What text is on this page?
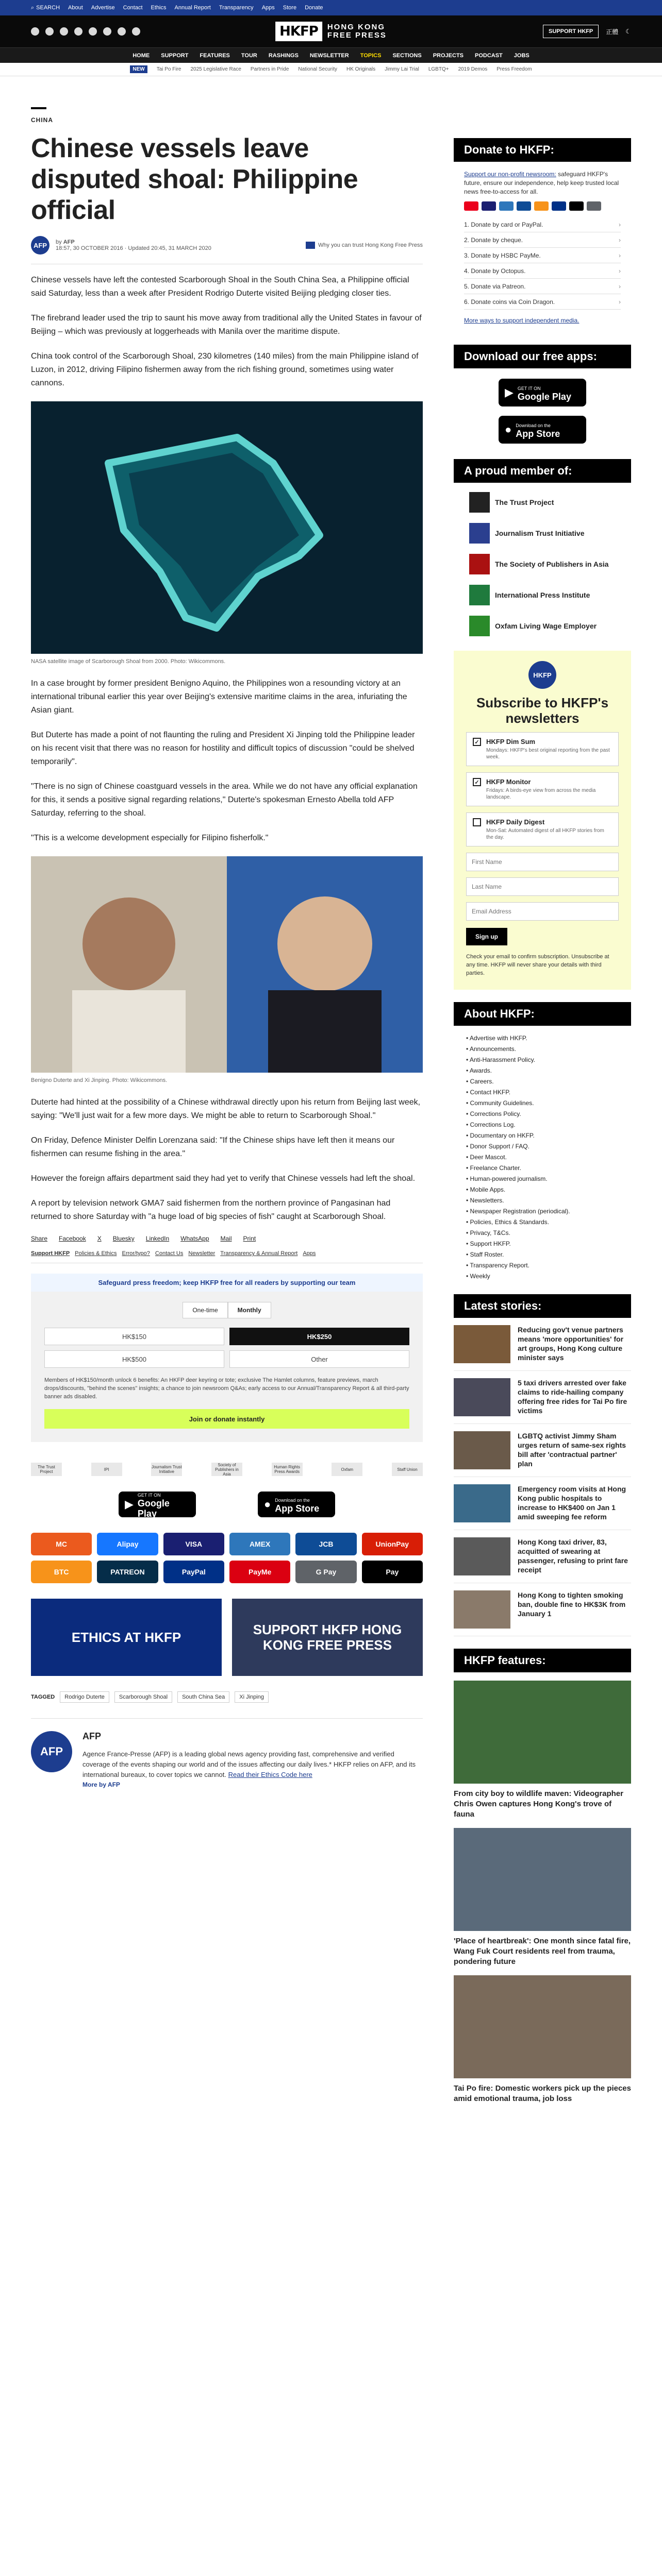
⌕ SEARCH About Advertise Contact Ethics Annual Report Transparency Apps Store Donate
HKFP	HONG KONG
FREE PRESS	SUPPORT HKFP	正體 ☾
HOME SUPPORT FEATURES TOUR RASHINGS NEWSLETTER TOPICS SECTIONS PROJECTS PODCAST JOBS
NEW	Tai Po Fire 2025 Legislative Race Partners in Pride National Security HK Originals Jimmy Lai Trial LGBTQ+ 2019 Demos Press Freedom
CHINA
Chinese vessels leave disputed shoal: Philippine official
AFP	by AFP
18:57, 30 OCTOBER 2016 · Updated 20:45, 31 MARCH 2020	Why you can trust Hong Kong Free Press

Chinese vessels have left the contested Scarborough Shoal in the South China Sea, a Philippine official said Saturday, less than a week after President Rodrigo Duterte visited Beijing pledging closer ties.

The firebrand leader used the trip to saunt his move away from traditional ally the United States in favour of Beijing – which was previously at loggerheads with Manila over the maritime dispute.

China took control of the Scarborough Shoal, 230 kilometres (140 miles) from the main Philippine island of Luzon, in 2012, driving Filipino fishermen away from the rich fishing ground, sometimes using water cannons.

NASA satellite image of Scarborough Shoal from 2000. Photo: Wikicommons.

In a case brought by former president Benigno Aquino, the Philippines won a resounding victory at an international tribunal earlier this year over Beijing's extensive maritime claims in the area, infuriating the Asian giant.

But Duterte has made a point of not flaunting the ruling and President Xi Jinping told the Philippine leader on his recent visit that there was no reason for hostility and difficult topics of discussion "could be shelved temporarily".

"There is no sign of Chinese coastguard vessels in the area. While we do not have any official explanation for this, it sends a positive signal regarding relations," Duterte's spokesman Ernesto Abella told AFP Saturday, referring to the shoal.

"This is a welcome development especially for Filipino fisherfolk."

Benigno Duterte and Xi Jinping. Photo: Wikicommons.

Duterte had hinted at the possibility of a Chinese withdrawal directly upon his return from Beijing last week, saying: "We'll just wait for a few more days. We might be able to return to Scarborough Shoal."

On Friday, Defence Minister Delfin Lorenzana said: "If the Chinese ships have left then it means our fishermen can resume fishing in the area."

However the foreign affairs department said they had yet to verify that Chinese vessels had left the shoal.

A report by television network GMA7 said fishermen from the northern province of Pangasinan had returned to shore Saturday with "a huge load of big species of fish" caught at Scarborough Shoal.

Share Facebook X Bluesky LinkedIn WhatsApp Mail Print
Support HKFP Policies & Ethics Error/typo? Contact Us Newsletter Transparency & Annual Report Apps
Safeguard press freedom; keep HKFP free for all readers by supporting our team
One-time	Monthly
HK$150	HK$250
HK$500	Other
Members of HK$150/month unlock 6 benefits: An HKFP deer keyring or tote; exclusive The Hamlet columns, feature previews, march drops/discounts, "behind the scenes" insights; a chance to join newsroom Q&As; early access to our Annual/Transparency Report & all third-party banner ads disabled.
Join or donate instantly
The Trust Project	IPI	Journalism Trust Initiative
Society of Publishers in Asia
Human Rights Press Awards	Oxfam	Staff Union
▶
GET IT ON
Google Play
● Download on the
App Store
MC	Alipay	VISA	AMEX	JCB	UnionPay
BTC	PATREON	PayPal	PayMe	G Pay	Pay
ETHICS AT HKFP	SUPPORT HKFP HONG KONG FREE PRESS
TAGGED	Rodrigo Duterte	Scarborough Shoal	South China Sea	Xi Jinping
AFP
AFP
Agence France-Presse (AFP) is a leading global news agency providing fast, comprehensive and verified coverage of the events shaping our world and of the issues affecting our daily lives.* HKFP relies on AFP, and its international bureaux, to cover topics we cannot. Read their Ethics Code here
More by AFP
Donate to HKFP:
Support our non-profit newsroom: safeguard HKFP's future, ensure our independence, help keep trusted local news free-to-access for all.
1. Donate by card or PayPal.	›
2. Donate by cheque.	›
3. Donate by HSBC PayMe.	›
4. Donate by Octopus.	›
5. Donate via Patreon.	›
6. Donate coins via Coin Dragon.	›
More ways to support independent media.
Download our free apps:
▶ GET IT ON
Google Play
● Download on the
App Store
A proud member of:
The Trust Project
Journalism Trust Initiative
The Society of Publishers in Asia
International Press Institute
Oxfam Living Wage Employer
HKFP
Subscribe to HKFP's newsletters
✓ HKFP Dim Sum
Mondays: HKFP's best original reporting from the past week.
✓ HKFP Monitor
Fridays: A birds-eye view from across the media landscape.
HKFP Daily Digest
Mon-Sat: Automated digest of all HKFP stories from the day.
First Name
Last Name
Email Address Sign up
Check your email to confirm subscription. Unsubscribe at any time. HKFP will never share your details with third parties.
About HKFP:
• Advertise with HKFP.
• Announcements.
• Anti-Harassment Policy.
• Awards.
• Careers.
• Contact HKFP.
• Community Guidelines.
• Corrections Policy.
• Corrections Log.
• Documentary on HKFP.
• Donor Support / FAQ.
• Deer Mascot.
• Freelance Charter.
• Human-powered journalism.
• Mobile Apps.
• Newsletters.
• Newspaper Registration (periodical).
• Policies, Ethics & Standards.
• Privacy, T&Cs.
• Support HKFP.
• Staff Roster.
• Transparency Report.
• Weekly
Latest stories:
Reducing gov't venue partners means 'more opportunities' for art groups, Hong Kong culture minister says
5 taxi drivers arrested over fake claims to ride-hailing company offering free rides for Tai Po fire victims
LGBTQ activist Jimmy Sham urges return of same-sex rights bill after 'contractual partner' plan
Emergency room visits at Hong Kong public hospitals to increase to HK$400 on Jan 1 amid sweeping fee reform
Hong Kong taxi driver, 83, acquitted of swearing at passenger, refusing to print fare receipt
Hong Kong to tighten smoking ban, double fine to HK$3K from January 1
HKFP features:
From city boy to wildlife maven: Videographer Chris Owen captures Hong Kong's trove of fauna
'Place of heartbreak': One month since fatal fire, Wang Fuk Court residents reel from trauma, pondering future
Tai Po fire: Domestic workers pick up the pieces amid emotional trauma, job loss
